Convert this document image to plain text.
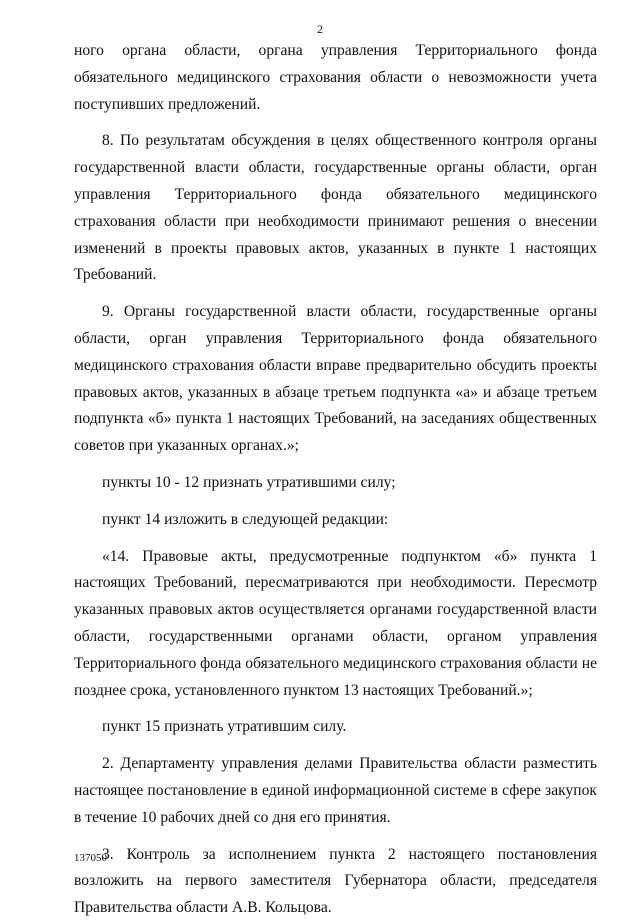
2

ного органа области, органа управления Территориального фонда обязательного медицинского страхования области о невозможности учета поступивших предложений.

8. По результатам обсуждения в целях общественного контроля органы государственной власти области, государственные органы области, орган управления Территориального фонда обязательного медицинского страхования области при необходимости принимают решения о внесении изменений в проекты правовых актов, указанных в пункте 1 настоящих Требований.

9. Органы государственной власти области, государственные органы области, орган управления Территориального фонда обязательного медицинского страхования области вправе предварительно обсудить проекты правовых актов, указанных в абзаце третьем подпункта «а» и абзаце третьем подпункта «б» пункта 1 настоящих Требований, на заседаниях общественных советов при указанных органах.»;

пункты 10 - 12 признать утратившими силу;

пункт 14 изложить в следующей редакции:

«14. Правовые акты, предусмотренные подпунктом «б» пункта 1 настоящих Требований, пересматриваются при необходимости. Пересмотр указанных правовых актов осуществляется органами государственной власти области, государственными органами области, органом управления Территориального фонда обязательного медицинского страхования области не позднее срока, установленного пунктом 13 настоящих Требований.»;

пункт 15 признать утратившим силу.

2. Департаменту управления делами Правительства области разместить настоящее постановление в единой информационной системе в сфере закупок в течение 10 рабочих дней со дня его принятия.

3. Контроль за исполнением пункта 2 настоящего постановления возложить на первого заместителя Губернатора области, председателя Правительства области А.В. Кольцова.

137050
